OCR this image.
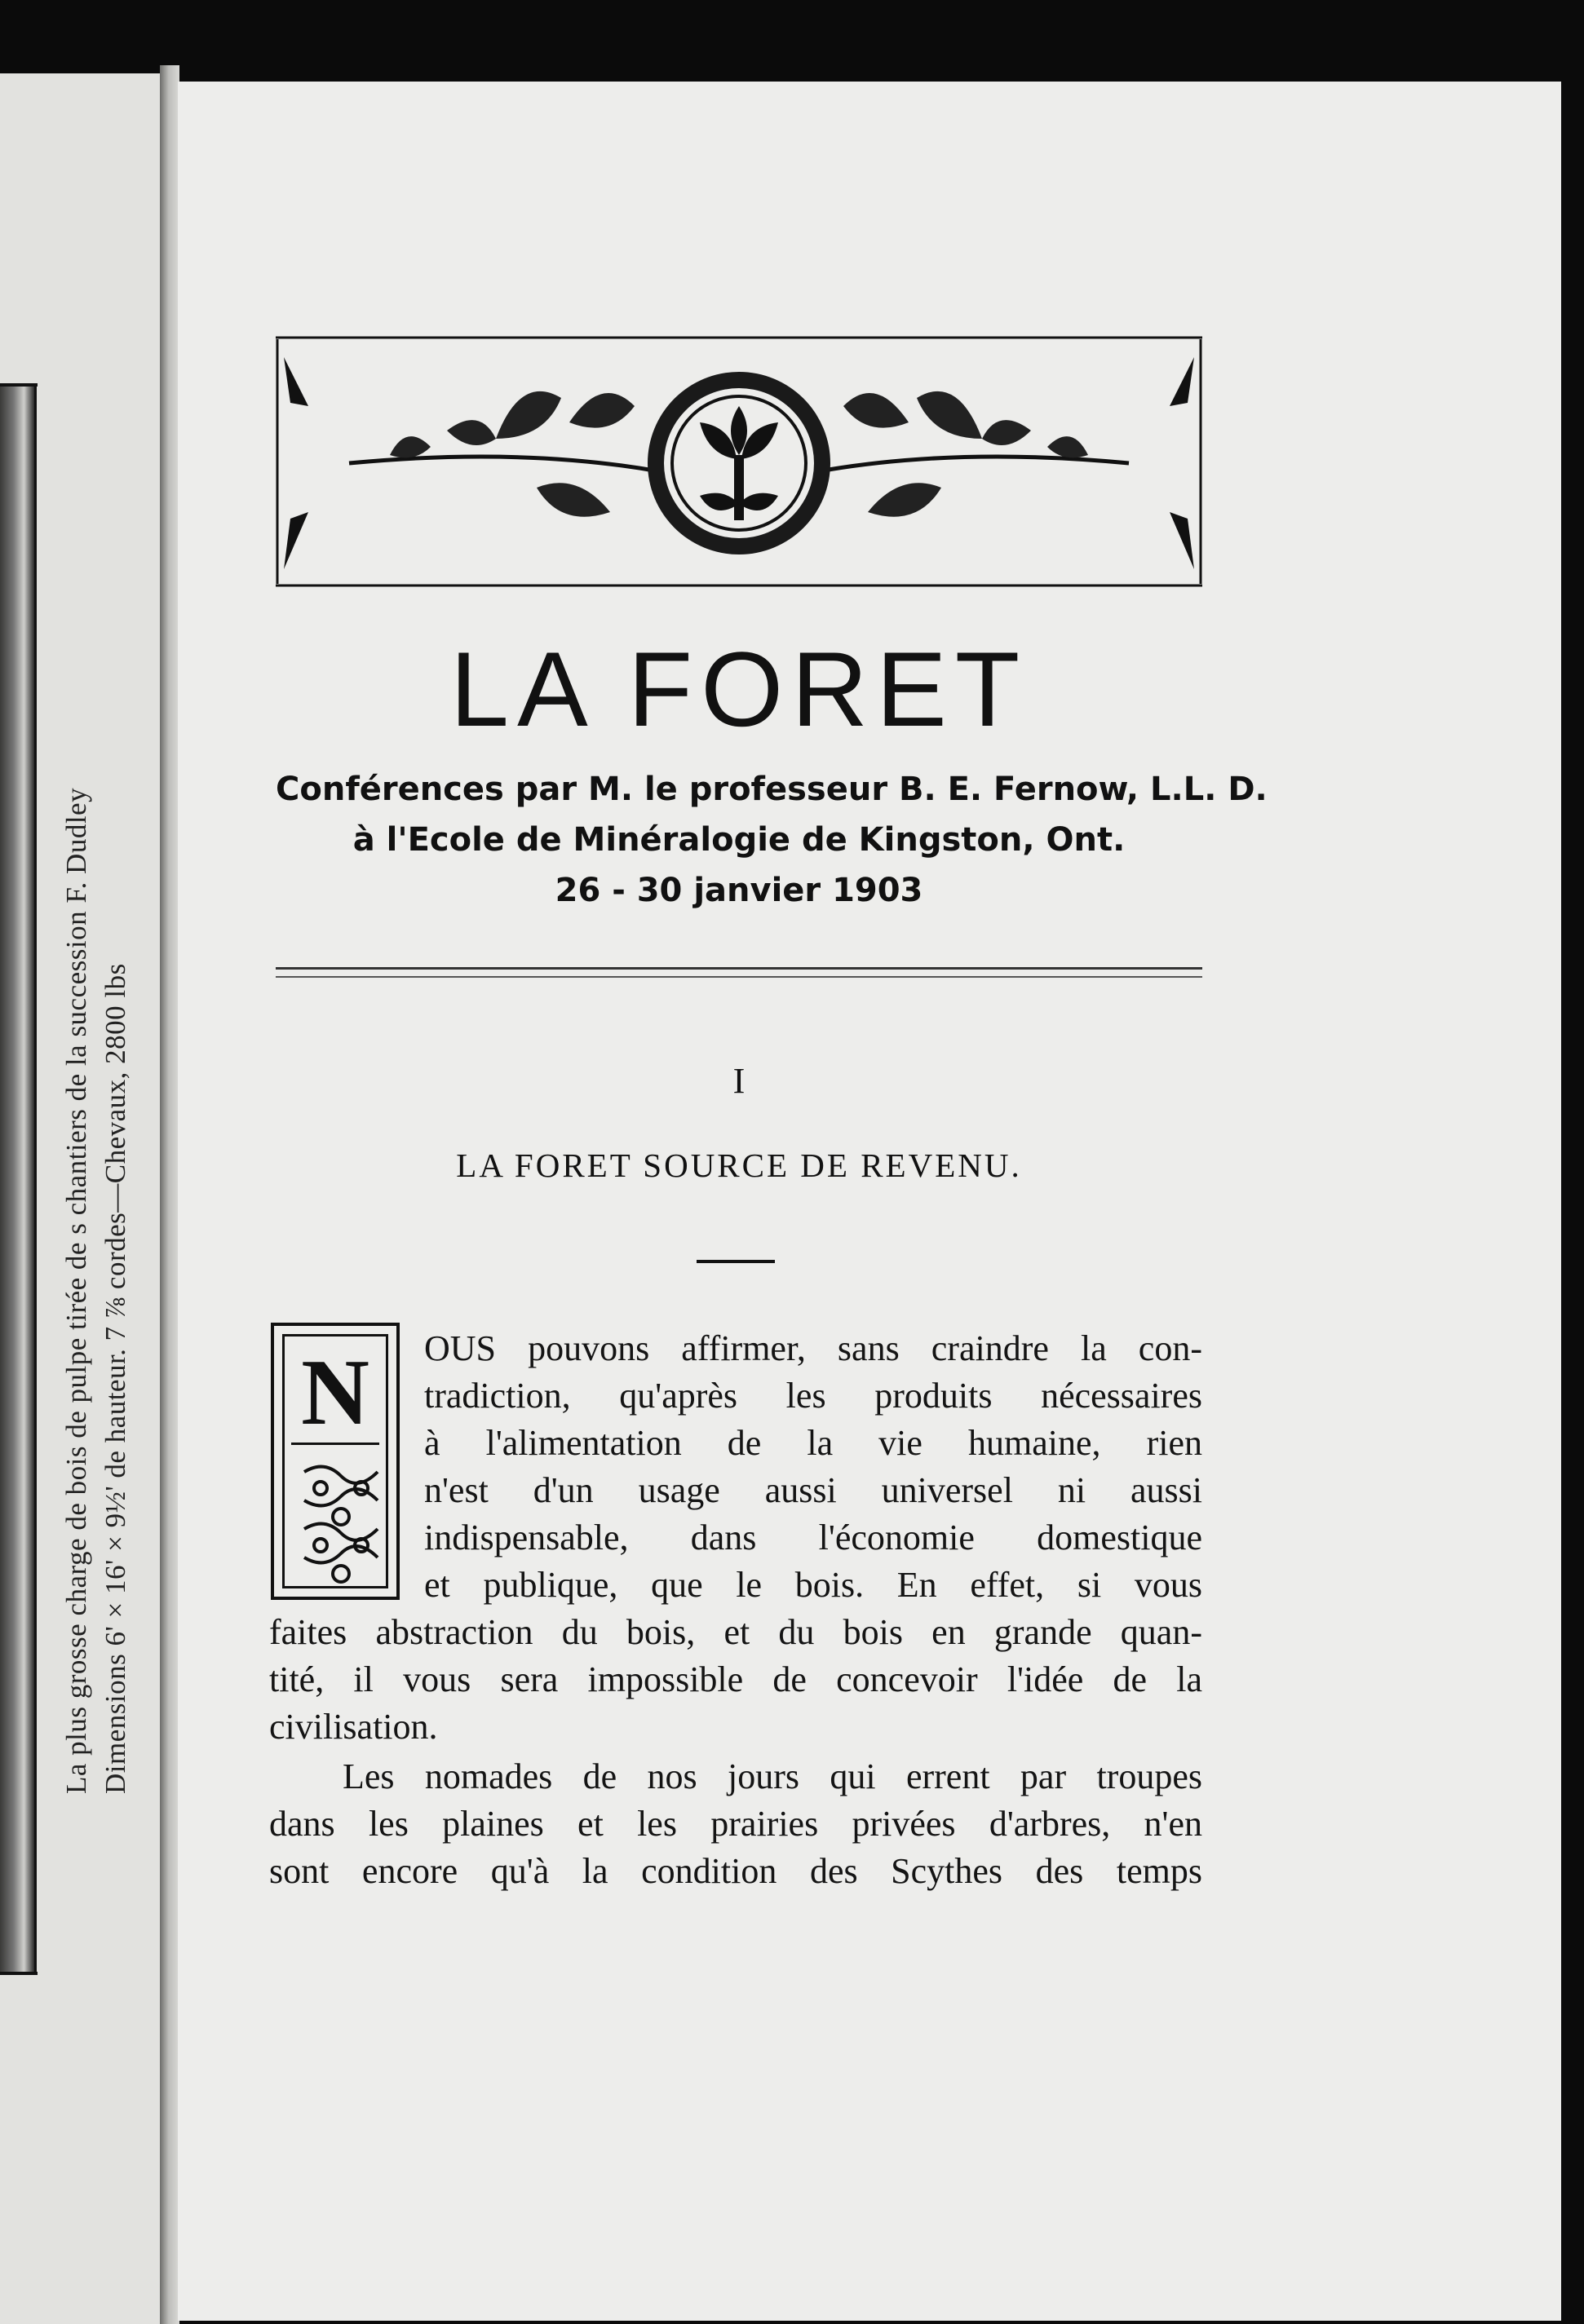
La plus grosse charge de bois de pulpe tirée de s chantiers de la succession F. Dudley Dimensions 6' × 16' × 9½' de hauteur. 7 ⅞ cordes—Chevaux, 2800 lbs
LA FORET
Conférences par M. le professeur B. E. Fernow, L.L. D.
à l'Ecole de Minéralogie de Kingston, Ont.
26 - 30 janvier 1903
I
LA FORET SOURCE DE REVENU.
N	OUS pouvons affirmer, sans craindre la con-
tradiction, qu'après les produits nécessaires
à l'alimentation de la vie humaine, rien
n'est d'un usage aussi universel ni aussi
indispensable, dans l'économie domestique
et publique, que le bois. En effet, si vous
faites abstraction du bois, et du bois en grande quan-
tité, il vous sera impossible de concevoir l'idée de la
civilisation.
Les nomades de nos jours qui errent par troupes
dans les plaines et les prairies privées d'arbres, n'en
sont encore qu'à la condition des Scythes des temps
